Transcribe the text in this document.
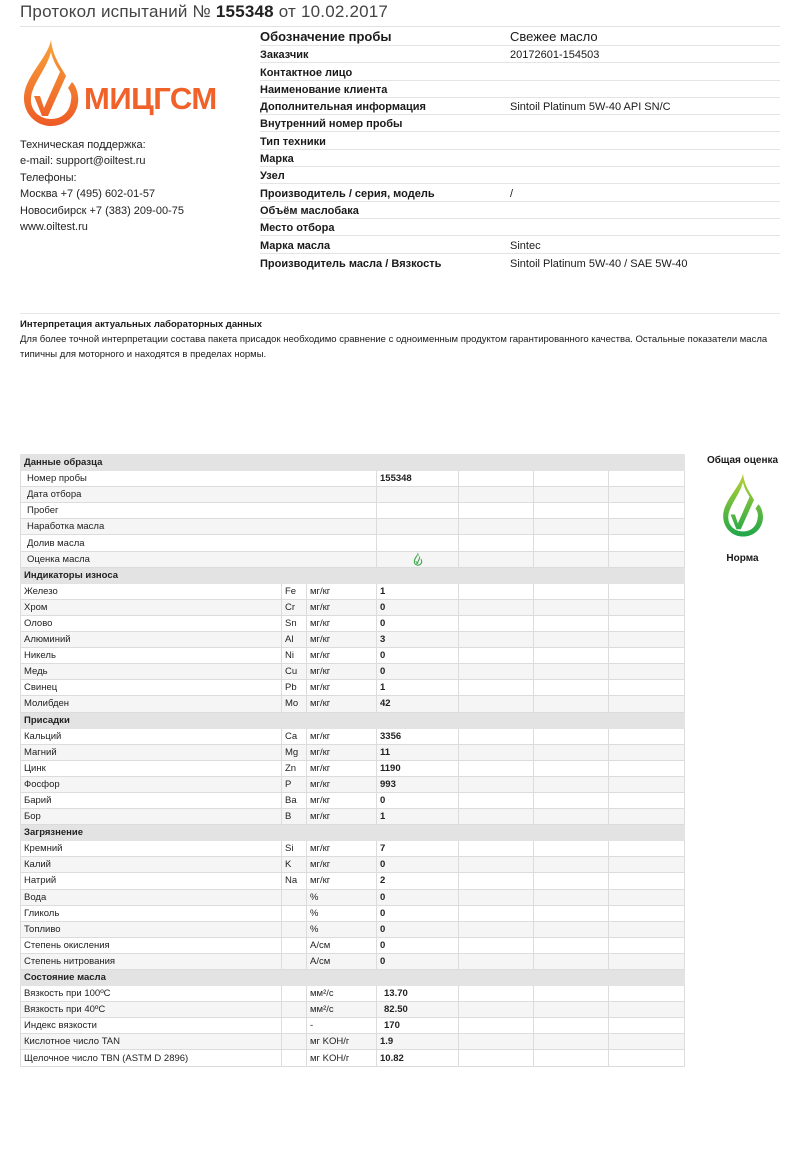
Протокол испытаний № 155348 от 10.02.2017
МИЦГСМ
Техническая поддержка:
e-mail: support@oiltest.ru
Телефоны:
Москва +7 (495) 602-01-57
Новосибирск +7 (383) 209-00-75
www.oiltest.ru
Обозначение пробы	Свежее масло
Заказчик	20172601-154503
Контактное лицо
Наименование клиента
Дополнительная информация	Sintoil Platinum 5W-40 API SN/C
Внутренний номер пробы
Тип техники
Марка
Узел
Производитель / серия, модель	/
Объём маслобака
Место отбора
Марка масла	Sintec
Производитель масла / Вязкость	Sintoil Platinum 5W-40 / SAE 5W-40
Интерпретация актуальных лабораторных данных
Для более точной интерпретации состава пакета присадок необходимо сравнение с одноименным продуктом гарантированного качества. Остальные показатели масла типичны для моторного и находятся в пределах нормы.
Данные образца						
Номер пробы			155348			
Дата отбора						
Пробег						
Наработка масла						
Долив масла						
Оценка масла				
Индикаторы износа						
Железо	Fe	мг/кг	1			
Хром	Cr	мг/кг	0			
Олово	Sn	мг/кг	0			
Алюминий	Al	мг/кг	3			
Никель	Ni	мг/кг	0			
Медь	Cu	мг/кг	0			
Свинец	Pb	мг/кг	1			
Молибден	Mo	мг/кг	42			
Присадки						
Кальций	Ca	мг/кг	3356			
Магний	Mg	мг/кг	11			
Цинк	Zn	мг/кг	1190			
Фосфор	P	мг/кг	993			
Барий	Ba	мг/кг	0			
Бор	B	мг/кг	1			
Загрязнение						
Кремний	Si	мг/кг	7			
Калий	K	мг/кг	0			
Натрий	Na	мг/кг	2			
Вода		%	0			
Гликоль		%	0			
Топливо		%	0			
Степень окисления		А/см	0			
Степень нитрования		А/см	0			
Состояние масла						
Вязкость при 100ºC		мм²/с	13.70			
Вязкость при 40ºC		мм²/с	82.50			
Индекс вязкости		-	170			
Кислотное число TAN		мг KOH/г	1.9			
Щелочное число TBN (ASTM D 2896)		мг KOH/г	10.82			
Общая оценка
Норма
